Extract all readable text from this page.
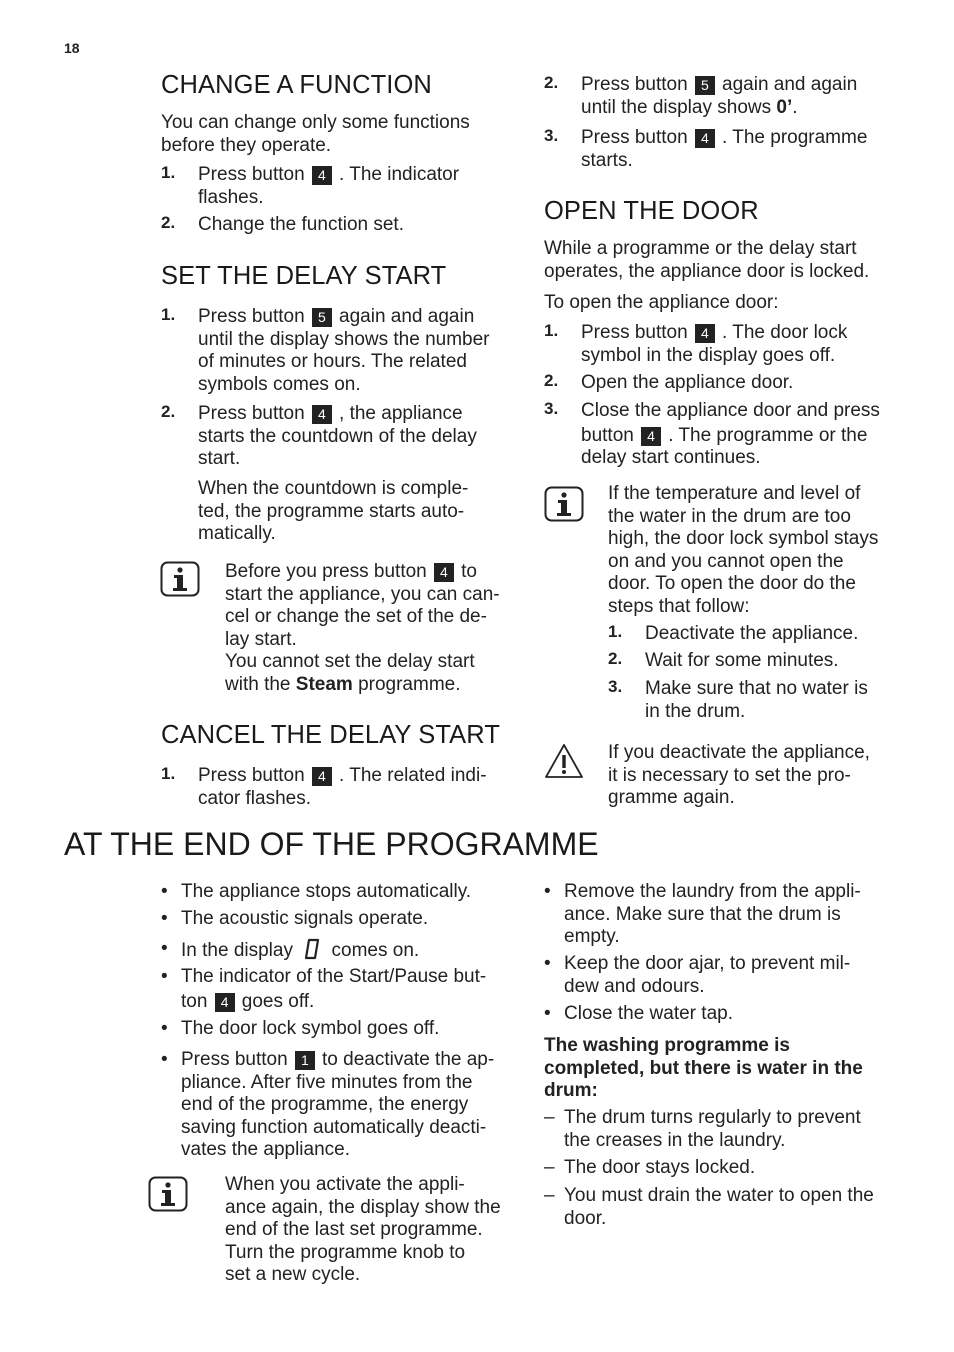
18
CHANGE A FUNCTION

You can change only some functions

before they operate.

1. Press button 4 . The indicator
flashes.
2. Change the function set.
SET THE DELAY START
1. Press button 5 again and again
until the display shows the number
of minutes or hours. The related
symbols comes on.
2. Press button 4 , the appliance
starts the countdown of the delay
start.
When the countdown is comple-
ted, the programme starts auto-
matically.
Before you press button 4 to
start the appliance, you can can-
cel or change the set of the de-
lay start.
You cannot set the delay start
with the Steam programme.
CANCEL THE DELAY START
1. Press button 4 . The related indi-
cator flashes.
2. Press button 5 again and again
until the display shows 0’.
3. Press button 4 . The programme
starts.
OPEN THE DOOR
While a programme or the delay start
operates, the appliance door is locked.

To open the appliance door:

1. Press button 4 . The door lock
symbol in the display goes off.
2. Open the appliance door.
3. Close the appliance door and press
button 4 . The programme or the
delay start continues.
If the temperature and level of
the water in the drum are too
high, the door lock symbol stays
on and you cannot open the
door. To open the door do the
steps that follow:
1. Deactivate the appliance.
2. Wait for some minutes.
3. Make sure that no water is
in the drum.
If you deactivate the appliance,
it is necessary to set the pro-
gramme again.
AT THE END OF THE PROGRAMME
• The appliance stops automatically.
• The acoustic signals operate.
• In the display comes on.
• The indicator of the Start/Pause but-
ton 4 goes off.
• The door lock symbol goes off.
• Press button 1 to deactivate the ap-
pliance. After five minutes from the
end of the programme, the energy
saving function automatically deacti-
vates the appliance.
When you activate the appli-
ance again, the display show the
end of the last set programme.
Turn the programme knob to
set a new cycle.
• Remove the laundry from the appli-
ance. Make sure that the drum is
empty.
• Keep the door ajar, to prevent mil-
dew and odours.
• Close the water tap.
The washing programme is
completed, but there is water in the
drum:
– The drum turns regularly to prevent
the creases in the laundry.
– The door stays locked.
– You must drain the water to open the
door.
